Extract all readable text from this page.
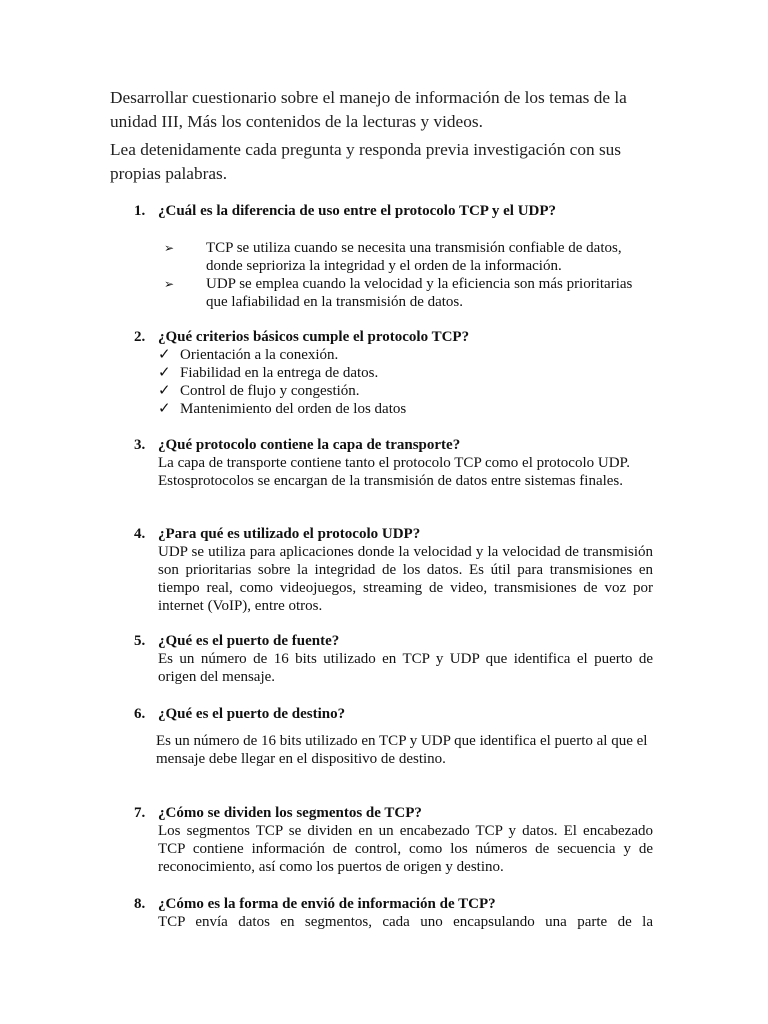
Desarrollar cuestionario sobre el manejo de información de los temas de la unidad III, Más los contenidos de la lecturas y videos.

Lea detenidamente cada pregunta y responda previa investigación con sus propias palabras.

1. ¿Cuál es la diferencia de uso entre el protocolo TCP y el UDP?
➢ TCP se utiliza cuando se necesita una transmisión confiable de datos, donde seprioriza la integridad y el orden de la información.
➢ UDP se emplea cuando la velocidad y la eficiencia son más prioritarias que lafiabilidad en la transmisión de datos.
2. ¿Qué criterios básicos cumple el protocolo TCP?
✓ Orientación a la conexión.
✓ Fiabilidad en la entrega de datos.
✓ Control de flujo y congestión.
✓ Mantenimiento del orden de los datos
3. ¿Qué protocolo contiene la capa de transporte?
La capa de transporte contiene tanto el protocolo TCP como el protocolo UDP. Estosprotocolos se encargan de la transmisión de datos entre sistemas finales.
4. ¿Para qué es utilizado el protocolo UDP?
UDP se utiliza para aplicaciones donde la velocidad y la velocidad de transmisión son prioritarias sobre la integridad de los datos. Es útil para transmisiones en tiempo real, como videojuegos, streaming de video, transmisiones de voz por internet (VoIP), entre otros.
5. ¿Qué es el puerto de fuente?
Es un número de 16 bits utilizado en TCP y UDP que identifica el puerto de origen del mensaje.
6. ¿Qué es el puerto de destino?
Es un número de 16 bits utilizado en TCP y UDP que identifica el puerto al que el mensaje debe llegar en el dispositivo de destino.
7. ¿Cómo se dividen los segmentos de TCP?
Los segmentos TCP se dividen en un encabezado TCP y datos. El encabezado TCP contiene información de control, como los números de secuencia y de reconocimiento, así como los puertos de origen y destino.
8. ¿Cómo es la forma de envió de información de TCP?
TCP envía datos en segmentos, cada uno encapsulando una parte de la
